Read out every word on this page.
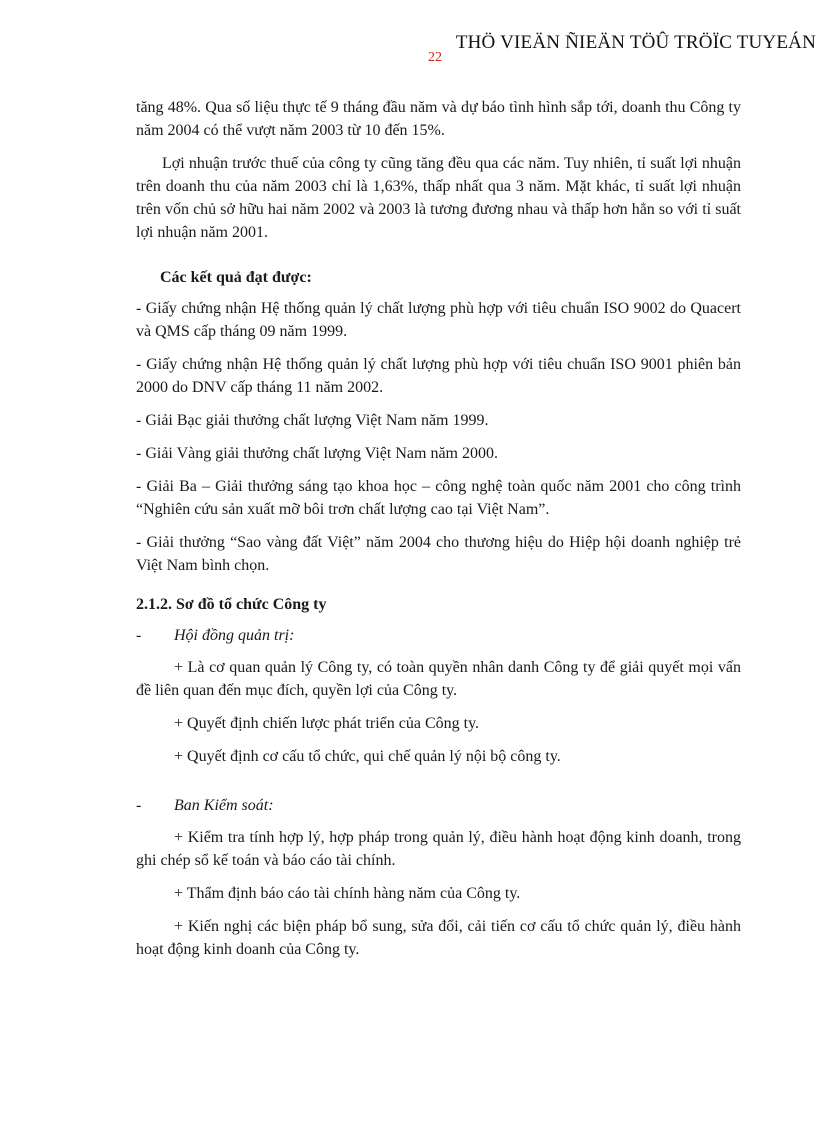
THÖ VIEÄN ÑIEÄN TÖÛ TRÖÏC TUYEÁN
22

tăng 48%. Qua số liệu thực tế 9 tháng đầu năm và dự báo tình hình sắp tới, doanh thu Công ty năm 2004 có thể vượt năm 2003 từ 10 đến 15%.

Lợi nhuận trước thuế của công ty cũng tăng đều qua các năm. Tuy nhiên, tỉ suất lợi nhuận trên doanh thu của năm 2003 chỉ là 1,63%, thấp nhất qua 3 năm. Mặt khác, tỉ suất lợi nhuận trên vốn chủ sở hữu hai năm 2002 và 2003 là tương đương nhau và thấp hơn hẳn so với tỉ suất lợi nhuận năm 2001.

Các kết quả đạt được:

- Giấy chứng nhận Hệ thống quản lý chất lượng phù hợp với tiêu chuẩn ISO 9002 do Quacert và QMS cấp tháng 09 năm 1999.

- Giấy chứng nhận Hệ thống quản lý chất lượng phù hợp với tiêu chuẩn ISO 9001 phiên bản 2000 do DNV cấp tháng 11 năm 2002.

- Giải Bạc giải thưởng chất lượng Việt Nam năm 1999.

- Giải Vàng giải thưởng chất lượng Việt Nam năm 2000.

- Giải Ba – Giải thưởng sáng tạo khoa học – công nghệ toàn quốc năm 2001 cho công trình “Nghiên cứu sản xuất mỡ bôi trơn chất lượng cao tại Việt Nam”.

- Giải thưởng “Sao vàng đất Việt” năm 2004 cho thương hiệu do Hiệp hội doanh nghiệp trẻ Việt Nam bình chọn.

2.1.2. Sơ đồ tổ chức Công ty

-	Hội đồng quản trị:

+ Là cơ quan quản lý Công ty, có toàn quyền nhân danh Công ty để giải quyết mọi vấn đề liên quan đến mục đích, quyền lợi của Công ty.

+ Quyết định chiến lược phát triển của Công ty.

+ Quyết định cơ cấu tổ chức, qui chế quản lý nội bộ công ty.

-	Ban Kiểm soát:

+ Kiểm tra tính hợp lý, hợp pháp trong quản lý, điều hành hoạt động kinh doanh, trong ghi chép sổ kế toán và báo cáo tài chính.

+ Thẩm định báo cáo tài chính hàng năm của Công ty.

+ Kiến nghị các biện pháp bổ sung, sửa đổi, cải tiến cơ cấu tổ chức quản lý, điều hành hoạt động kinh doanh của Công ty.
